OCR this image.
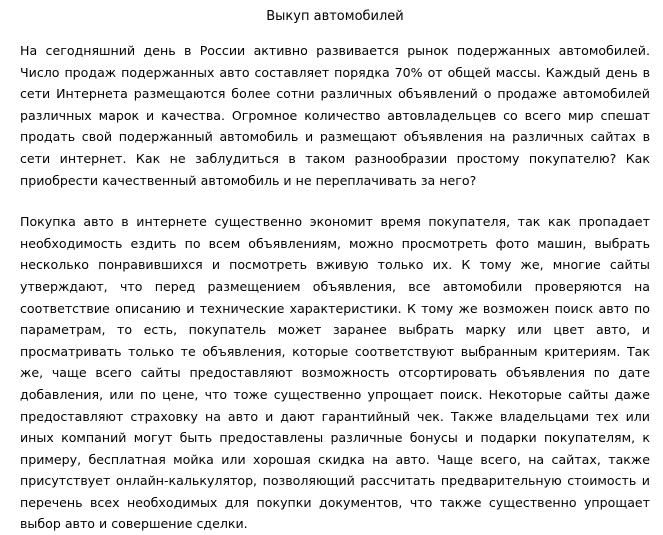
Выкуп автомобилей

На сегодняшний день в России активно развивается рынок подержанных автомобилей. Число продаж подержанных авто составляет порядка 70% от общей массы. Каждый день в сети Интернета размещаются более сотни различных объявлений о продаже автомобилей различных марок и качества. Огромное количество автовладельцев со всего мир спешат продать свой подержанный автомобиль и размещают объявления на различных сайтах в сети интернет. Как не заблудиться в таком разнообразии простому покупателю? Как приобрести качественный автомобиль и не переплачивать за него?

Покупка авто в интернете существенно экономит время покупателя, так как пропадает необходимость ездить по всем объявлениям, можно просмотреть фото машин, выбрать несколько понравившихся и посмотреть вживую только их. К тому же, многие сайты утверждают, что перед размещением объявления, все автомобили проверяются на соответствие описанию и технические характеристики. К тому же возможен поиск авто по параметрам, то есть, покупатель может заранее выбрать марку или цвет авто, и просматривать только те объявления, которые соответствуют выбранным критериям. Так же, чаще всего сайты предоставляют возможность отсортировать объявления по дате добавления, или по цене, что тоже существенно упрощает поиск. Некоторые сайты даже предоставляют страховку на авто и дают гарантийный чек. Также владельцами тех или иных компаний могут быть предоставлены различные бонусы и подарки покупателям, к примеру, бесплатная мойка или хорошая скидка на авто. Чаще всего, на сайтах, также присутствует онлайн-калькулятор, позволяющий рассчитать предварительную стоимость и перечень всех необходимых для покупки документов, что также существенно упрощает выбор авто и совершение сделки.
